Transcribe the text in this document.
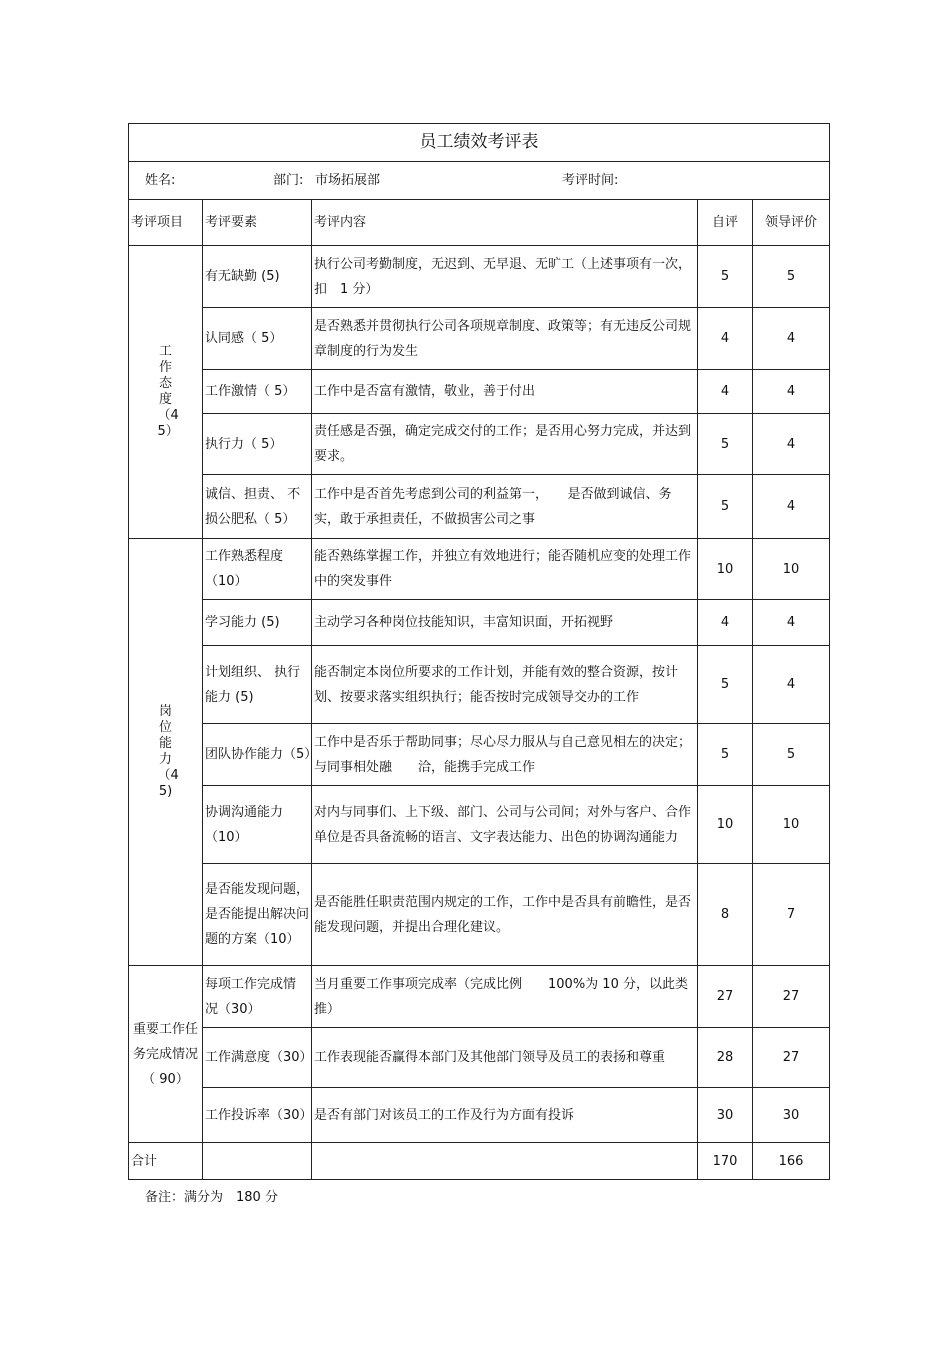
员工绩效考评表				

姓名: 部门: 市场拓展部 考评时间:				

考评项目	考评要素	考评内容	自评	领导评价
工作态度（45）	有无缺勤 (5)	执行公司考勤制度，无迟到、无早退、无旷工（上述事项有一次，扣　1 分）	5	5
	认同感（ 5）	是否熟悉并贯彻执行公司各项规章制度、政策等；有无违反公司规章制度的行为发生	4	4
	工作激情（ 5）	工作中是否富有激情，敬业，善于付出	4	4
	执行力（ 5）	责任感是否强，确定完成交付的工作；是否用心努力完成，并达到要求。	5	4
	诚信、担责、 不损公肥私（ 5）	工作中是否首先考虑到公司的利益第一，　　是否做到诚信、务实，敢于承担责任，不做损害公司之事	5	4
岗位能力（45)	工作熟悉程度（10）	能否熟练掌握工作，并独立有效地进行；能否随机应变的处理工作中的突发事件	10	10
	学习能力 (5)	主动学习各种岗位技能知识，丰富知识面，开拓视野	4	4
	计划组织、 执行能力 (5)	能否制定本岗位所要求的工作计划，并能有效的整合资源，按计划、按要求落实组织执行；能否按时完成领导交办的工作	5	4
	团队协作能力（5）	工作中是否乐于帮助同事；尽心尽力服从与自己意见相左的决定；与同事相处融　　洽，能携手完成工作	5	5
	协调沟通能力（10）	对内与同事们、上下级、部门、公司与公司间；对外与客户、合作单位是否具备流畅的语言、文字表达能力、出色的协调沟通能力	10	10
	是否能发现问题，是否能提出解决问题的方案（10）	是否能胜任职责范围内规定的工作，工作中是否具有前瞻性，是否能发现问题，并提出合理化建议。	8	7
重要工作任务完成情况（ 90）	每项工作完成情　况（30）	当月重要工作事项完成率（完成比例　　100%为 10 分，以此类推）	27	27
	工作满意度（30）	工作表现能否赢得本部门及其他部门领导及员工的表扬和尊重	28	27
	工作投诉率（30）	是否有部门对该员工的工作及行为方面有投诉	30	30
合计			170	166
备注：满分为　180 分
